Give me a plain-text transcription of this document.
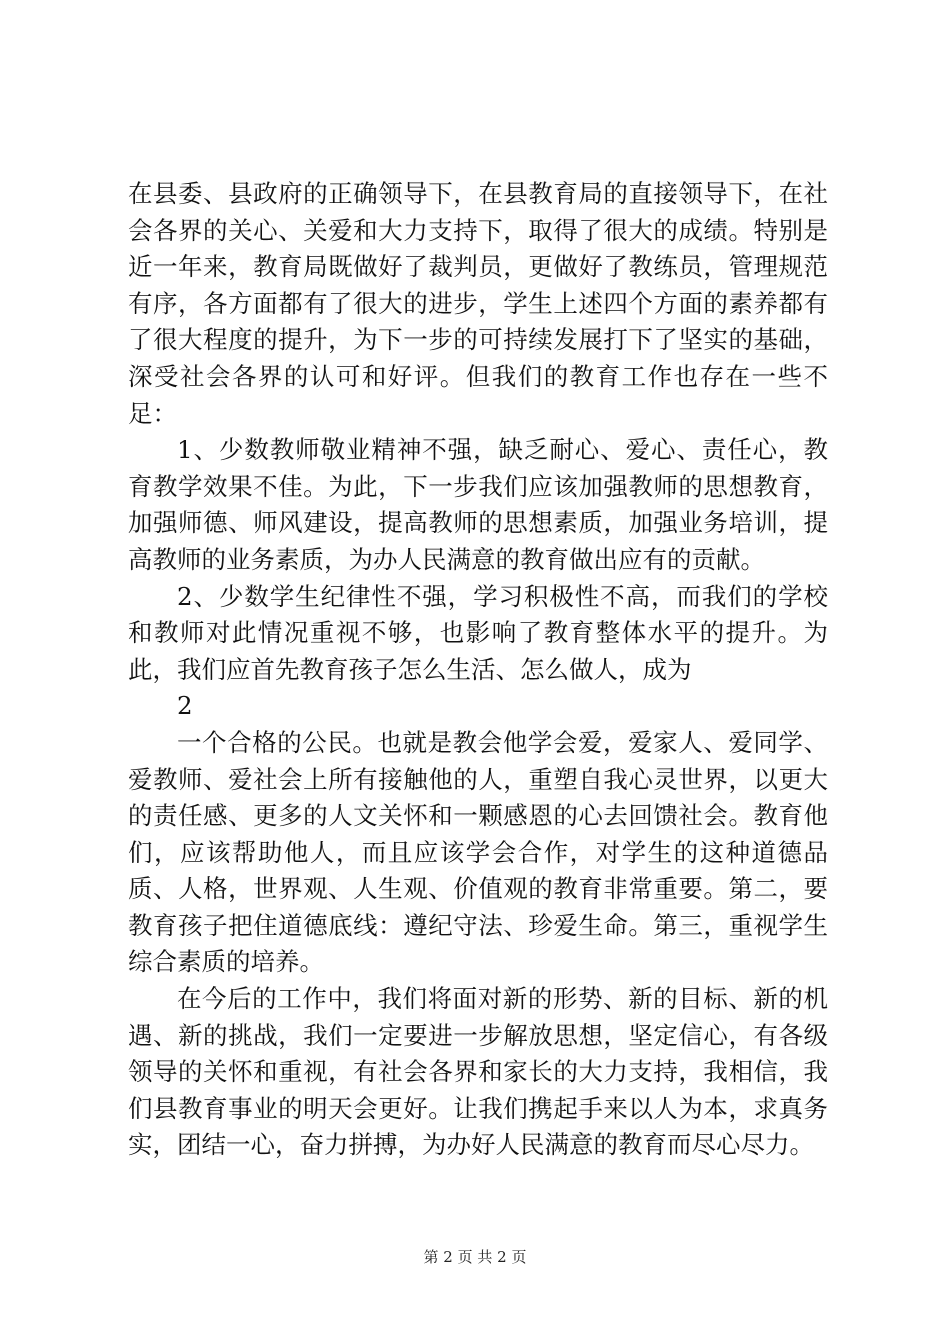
在县委、县政府的正确领导下，在县教育局的直接领导下，在社会各界的关心、关爱和大力支持下，取得了很大的成绩。特别是近一年来，教育局既做好了裁判员，更做好了教练员，管理规范有序，各方面都有了很大的进步，学生上述四个方面的素养都有了很大程度的提升，为下一步的可持续发展打下了坚实的基础，深受社会各界的认可和好评。但我们的教育工作也存在一些不足：

1、少数教师敬业精神不强，缺乏耐心、爱心、责任心，教育教学效果不佳。为此，下一步我们应该加强教师的思想教育，加强师德、师风建设，提高教师的思想素质，加强业务培训，提高教师的业务素质，为办人民满意的教育做出应有的贡献。

2、少数学生纪律性不强，学习积极性不高，而我们的学校和教师对此情况重视不够，也影响了教育整体水平的提升。为此，我们应首先教育孩子怎么生活、怎么做人，成为

2

一个合格的公民。也就是教会他学会爱，爱家人、爱同学、爱教师、爱社会上所有接触他的人，重塑自我心灵世界，以更大的责任感、更多的人文关怀和一颗感恩的心去回馈社会。教育他们，应该帮助他人，而且应该学会合作，对学生的这种道德品质、人格，世界观、人生观、价值观的教育非常重要。第二，要教育孩子把住道德底线：遵纪守法、珍爱生命。第三，重视学生综合素质的培养。

在今后的工作中，我们将面对新的形势、新的目标、新的机遇、新的挑战，我们一定要进一步解放思想，坚定信心，有各级领导的关怀和重视，有社会各界和家长的大力支持，我相信，我们县教育事业的明天会更好。让我们携起手来以人为本，求真务实，团结一心，奋力拼搏，为办好人民满意的教育而尽心尽力。

第 2 页 共 2 页
